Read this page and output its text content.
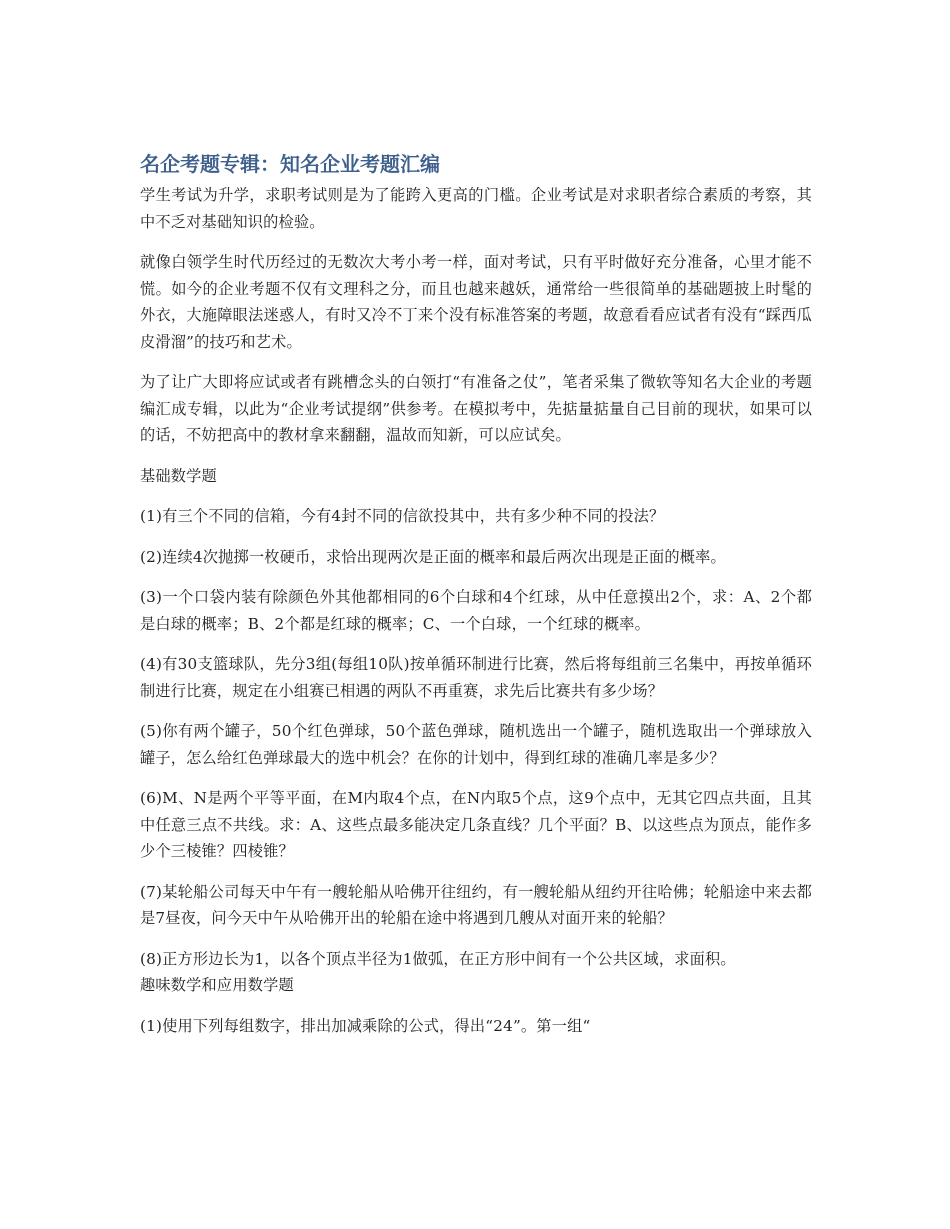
名企考题专辑：知名企业考题汇编

学生考试为升学，求职考试则是为了能跨入更高的门槛。企业考试是对求职者综合素质的考察，其中不乏对基础知识的检验。

就像白领学生时代历经过的无数次大考小考一样，面对考试，只有平时做好充分准备，心里才能不慌。如今的企业考题不仅有文理科之分，而且也越来越妖，通常给一些很简单的基础题披上时髦的外衣，大施障眼法迷惑人，有时又冷不丁来个没有标准答案的考题，故意看看应试者有没有“踩西瓜皮滑溜”的技巧和艺术。

为了让广大即将应试或者有跳槽念头的白领打“有准备之仗”，笔者采集了微软等知名大企业的考题编汇成专辑，以此为“企业考试提纲”供参考。在模拟考中，先掂量掂量自己目前的现状，如果可以的话，不妨把高中的教材拿来翻翻，温故而知新，可以应试矣。

基础数学题

(1)有三个不同的信箱，今有4封不同的信欲投其中，共有多少种不同的投法？

(2)连续4次抛掷一枚硬币，求恰出现两次是正面的概率和最后两次出现是正面的概率。

(3)一个口袋内装有除颜色外其他都相同的6个白球和4个红球，从中任意摸出2个，求：A、2个都是白球的概率；B、2个都是红球的概率；C、一个白球，一个红球的概率。

(4)有30支篮球队，先分3组(每组10队)按单循环制进行比赛，然后将每组前三名集中，再按单循环制进行比赛，规定在小组赛已相遇的两队不再重赛，求先后比赛共有多少场？

(5)你有两个罐子，50个红色弹球，50个蓝色弹球，随机选出一个罐子，随机选取出一个弹球放入罐子，怎么给红色弹球最大的选中机会？在你的计划中，得到红球的准确几率是多少？

(6)M、N是两个平等平面，在M内取4个点，在N内取5个点，这9个点中，无其它四点共面，且其中任意三点不共线。求：A、这些点最多能决定几条直线？几个平面？B、以这些点为顶点，能作多少个三棱锥？四棱锥？

(7)某轮船公司每天中午有一艘轮船从哈佛开往纽约，有一艘轮船从纽约开往哈佛；轮船途中来去都是7昼夜，问今天中午从哈佛开出的轮船在途中将遇到几艘从对面开来的轮船？

(8)正方形边长为1，以各个顶点半径为1做弧，在正方形中间有一个公共区域，求面积。

趣味数学和应用数学题

(1)使用下列每组数字，排出加减乘除的公式，得出“24”。第一组“
